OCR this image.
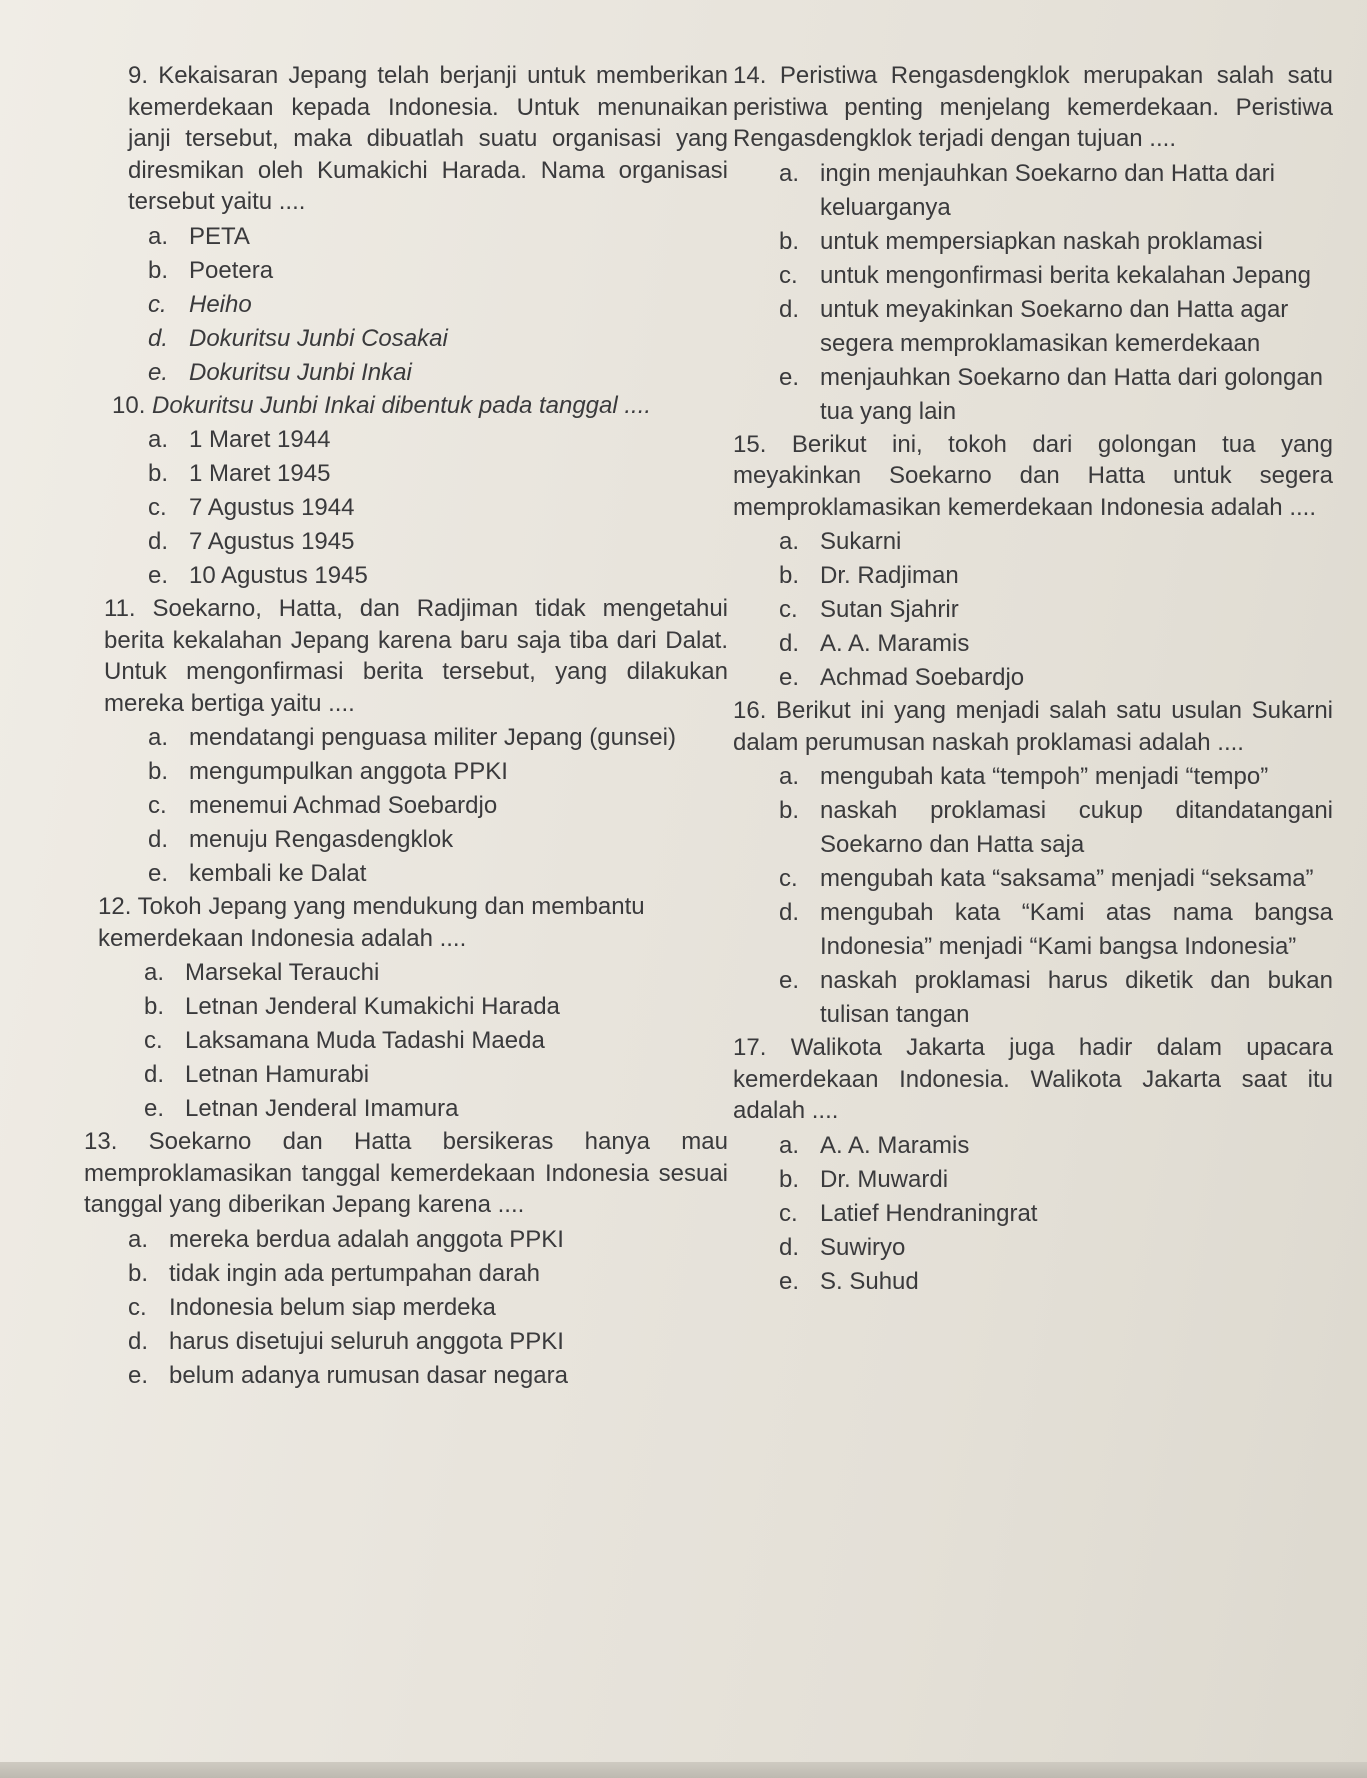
9. Kekaisaran Jepang telah berjanji untuk memberikan kemerdekaan kepada Indonesia. Untuk menunaikan janji tersebut, maka dibuatlah suatu organisasi yang diresmikan oleh Kumakichi Harada. Nama organisasi tersebut yaitu ....

a. PETA
b. Poetera
c. Heiho
d. Dokuritsu Junbi Cosakai
e. Dokuritsu Junbi Inkai

10. Dokuritsu Junbi Inkai dibentuk pada tanggal ....

a. 1 Maret 1944
b. 1 Maret 1945
c. 7 Agustus 1944
d. 7 Agustus 1945
e. 10 Agustus 1945

11. Soekarno, Hatta, dan Radjiman tidak mengetahui berita kekalahan Jepang karena baru saja tiba dari Dalat. Untuk mengonfirmasi berita tersebut, yang dilakukan mereka bertiga yaitu ....

a. mendatangi penguasa militer Jepang (gunsei)
b. mengumpulkan anggota PPKI
c. menemui Achmad Soebardjo
d. menuju Rengasdengklok
e. kembali ke Dalat

12. Tokoh Jepang yang mendukung dan membantu kemerdekaan Indonesia adalah ....

a. Marsekal Terauchi
b. Letnan Jenderal Kumakichi Harada
c. Laksamana Muda Tadashi Maeda
d. Letnan Hamurabi
e. Letnan Jenderal Imamura

13. Soekarno dan Hatta bersikeras hanya mau memproklamasikan tanggal kemerdekaan Indonesia sesuai tanggal yang diberikan Jepang karena ....

a. mereka berdua adalah anggota PPKI
b. tidak ingin ada pertumpahan darah
c. Indonesia belum siap merdeka
d. harus disetujui seluruh anggota PPKI
e. belum adanya rumusan dasar negara

14. Peristiwa Rengasdengklok merupakan salah satu peristiwa penting menjelang kemerdekaan. Peristiwa Rengasdengklok terjadi dengan tujuan ....

a. ingin menjauhkan Soekarno dan Hatta dari keluarganya
b. untuk mempersiapkan naskah proklamasi
c. untuk mengonfirmasi berita kekalahan Jepang
d. untuk meyakinkan Soekarno dan Hatta agar segera memproklamasikan kemerdekaan
e. menjauhkan Soekarno dan Hatta dari golongan tua yang lain

15. Berikut ini, tokoh dari golongan tua yang meyakinkan Soekarno dan Hatta untuk segera memproklamasikan kemerdekaan Indonesia adalah ....

a. Sukarni
b. Dr. Radjiman
c. Sutan Sjahrir
d. A. A. Maramis
e. Achmad Soebardjo

16. Berikut ini yang menjadi salah satu usulan Sukarni dalam perumusan naskah proklamasi adalah ....

a. mengubah kata “tempoh” menjadi “tempo”
b. naskah proklamasi cukup ditandatangani Soekarno dan Hatta saja
c. mengubah kata “saksama” menjadi “seksama”
d. mengubah kata “Kami atas nama bangsa Indonesia” menjadi “Kami bangsa Indonesia”
e. naskah proklamasi harus diketik dan bukan tulisan tangan

17. Walikota Jakarta juga hadir dalam upacara kemerdekaan Indonesia. Walikota Jakarta saat itu adalah ....

a. A. A. Maramis
b. Dr. Muwardi
c. Latief Hendraningrat
d. Suwiryo
e. S. Suhud
